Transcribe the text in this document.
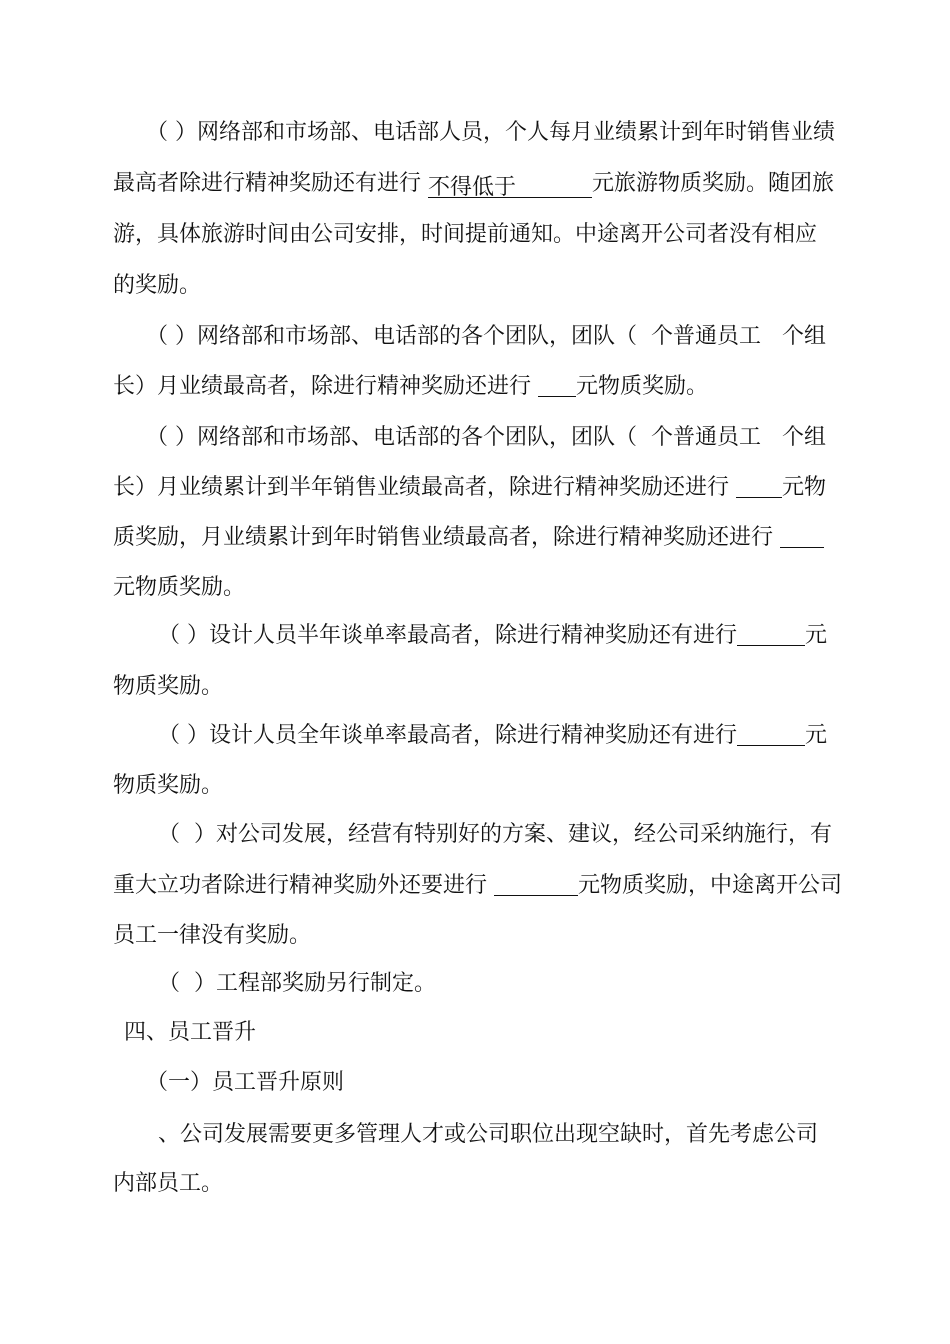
（ ）网络部和市场部、电话部人员，个人每月业绩累计到年时销售业绩
最高者除进行精神奖励还有进行 不得低于	元旅游物质奖励。随团旅
游，具体旅游时间由公司安排，时间提前通知。中途离开公司者没有相应
的奖励。
（ ）网络部和市场部、电话部的各个团队，团队（  个普通员工   个组
长）月业绩最高者，除进行精神奖励还进行 元物质奖励。
（ ）网络部和市场部、电话部的各个团队，团队（  个普通员工   个组
长）月业绩累计到半年销售业绩最高者，除进行精神奖励还进行 元物
质奖励，月业绩累计到年时销售业绩最高者，除进行精神奖励还进行
元物质奖励。
（ ）设计人员半年谈单率最高者，除进行精神奖励还有进行	元
物质奖励。
（ ）设计人员全年谈单率最高者，除进行精神奖励还有进行	元
物质奖励。
（  ）对公司发展，经营有特别好的方案、建议，经公司采纳施行，有
重大立功者除进行精神奖励外还要进行	元物质奖励，中途离开公司
员工一律没有奖励。
（  ）工程部奖励另行制定。
四、员工晋升
（一）员工晋升原则
、公司发展需要更多管理人才或公司职位出现空缺时，首先考虑公司
内部员工。
